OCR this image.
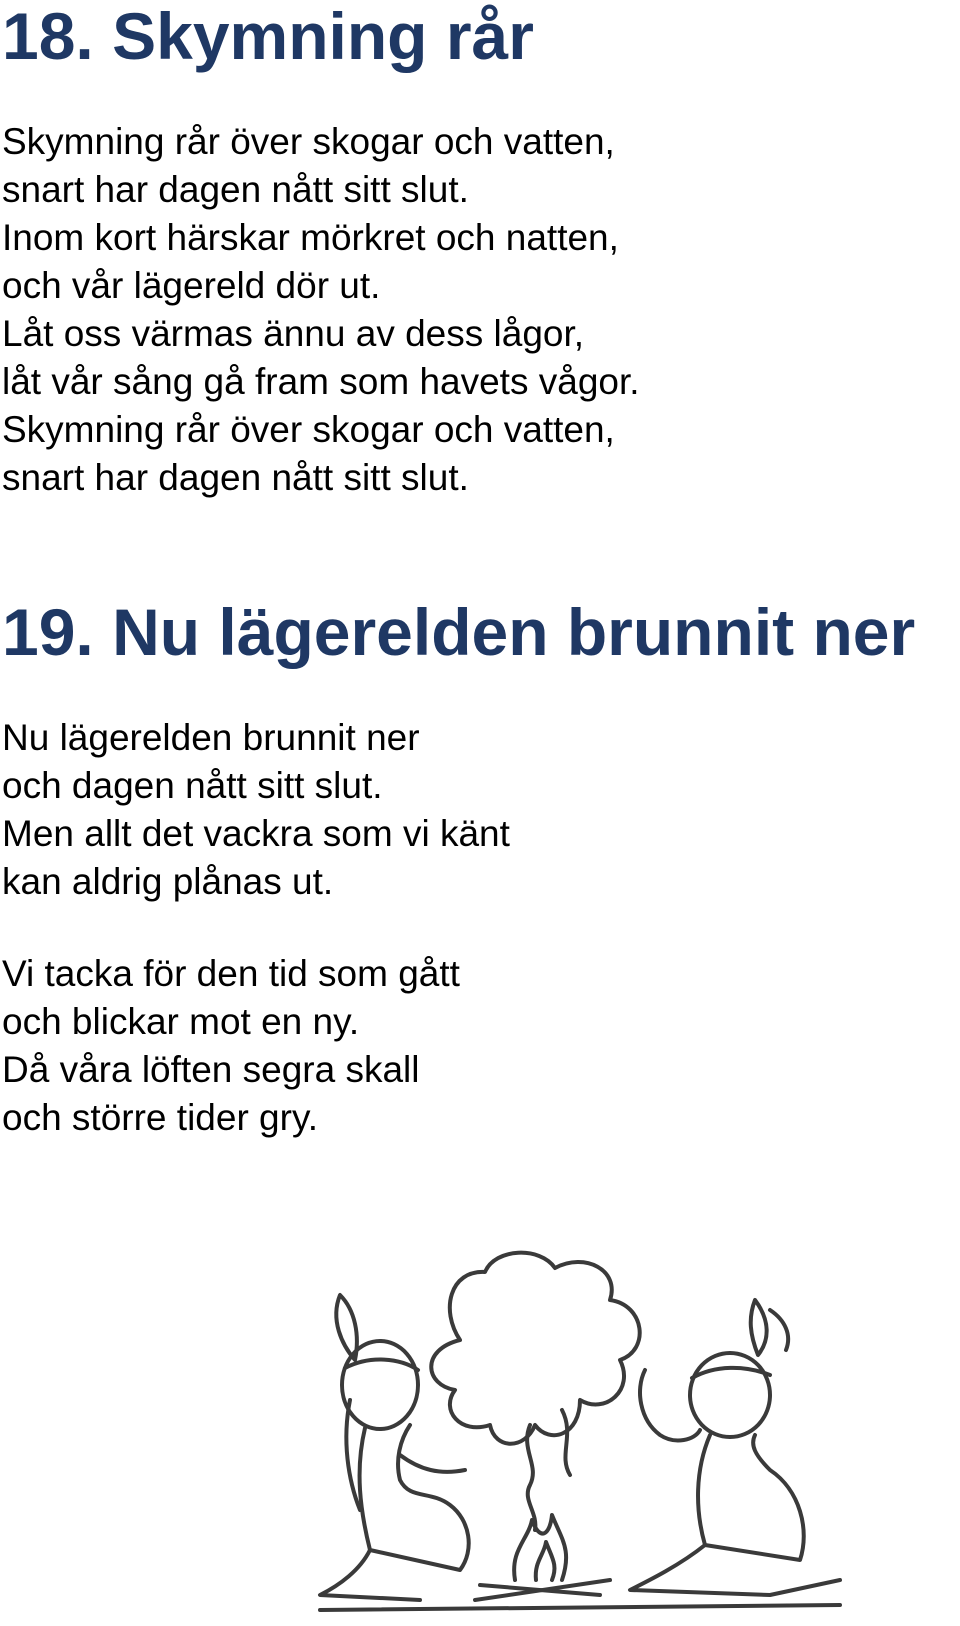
18. Skymning rår

Skymning rår över skogar och vatten,
snart har dagen nått sitt slut.
Inom kort härskar mörkret och natten,
och vår lägereld dör ut.
Låt oss värmas ännu av dess lågor,
låt vår sång gå fram som havets vågor.
Skymning rår över skogar och vatten,
snart har dagen nått sitt slut.

19. Nu lägerelden brunnit ner

Nu lägerelden brunnit ner
och dagen nått sitt slut.
Men allt det vackra som vi känt
kan aldrig plånas ut.

Vi tacka för den tid som gått
och blickar mot en ny.
Då våra löften segra skall
och större tider gry.
